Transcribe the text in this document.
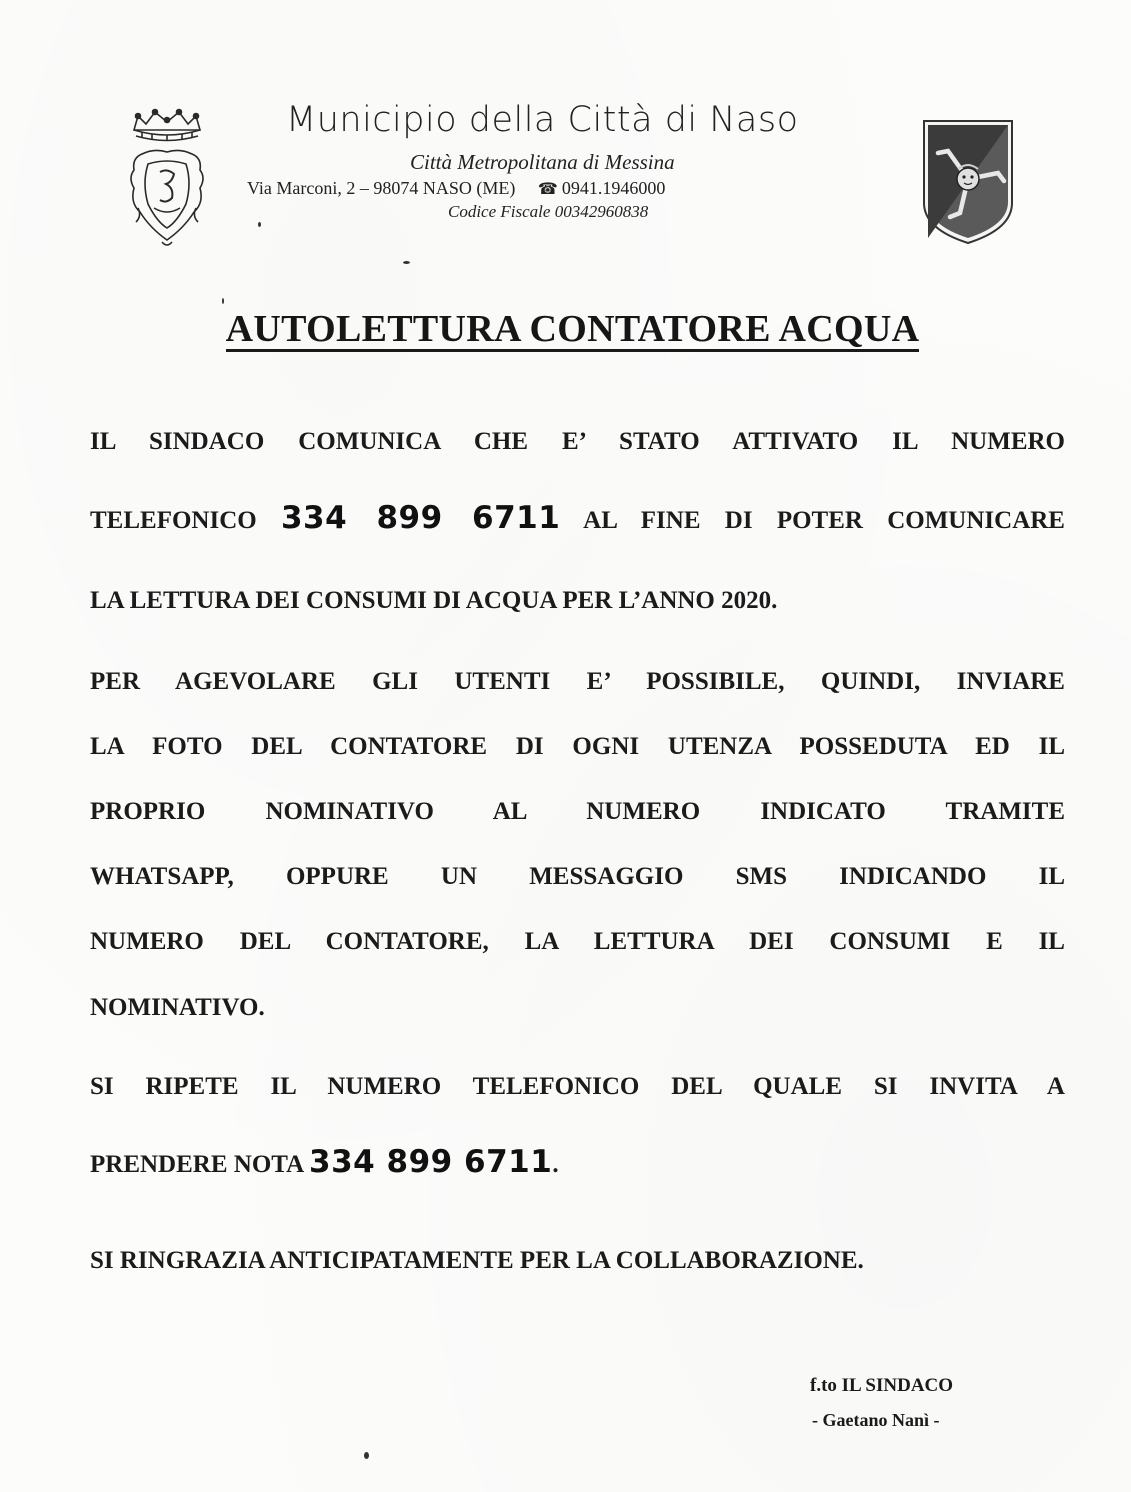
Municipio della Città di Naso
Città Metropolitana di Messina
Via Marconi, 2 – 98074 NASO (ME) ☎ 0941.1946000
Codice Fiscale 00342960838
AUTOLETTURA CONTATORE ACQUA
IL SINDACO COMUNICA CHE E’ STATO ATTIVATO IL NUMERO
TELEFONICO 334 899 6711 AL FINE DI POTER COMUNICARE
LA LETTURA DEI CONSUMI DI ACQUA PER L’ANNO 2020.
PER AGEVOLARE GLI UTENTI E’ POSSIBILE, QUINDI, INVIARE
LA FOTO DEL CONTATORE DI OGNI UTENZA POSSEDUTA ED IL
PROPRIO NOMINATIVO AL NUMERO INDICATO TRAMITE
WHATSAPP, OPPURE UN MESSAGGIO SMS INDICANDO IL
NUMERO DEL CONTATORE, LA LETTURA DEI CONSUMI E IL
NOMINATIVO.
SI RIPETE IL NUMERO TELEFONICO DEL QUALE SI INVITA A
PRENDERE NOTA 334 899 6711.
SI RINGRAZIA ANTICIPATAMENTE PER LA COLLABORAZIONE.
f.to IL SINDACO
- Gaetano Nanì -
